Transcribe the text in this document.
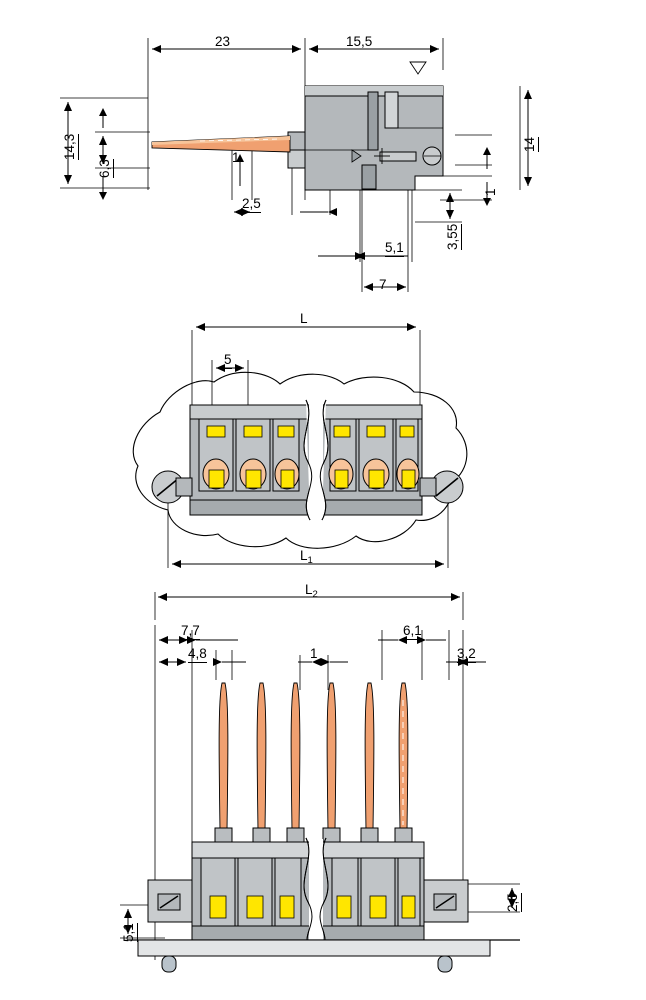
23	15,5
14,3
6,3
1
14
2,5
3,55
1
5,1
7
L
5
$L_1$
$L_2$
7,7
4,8	1
6,1
3,2
2,5
5,1
